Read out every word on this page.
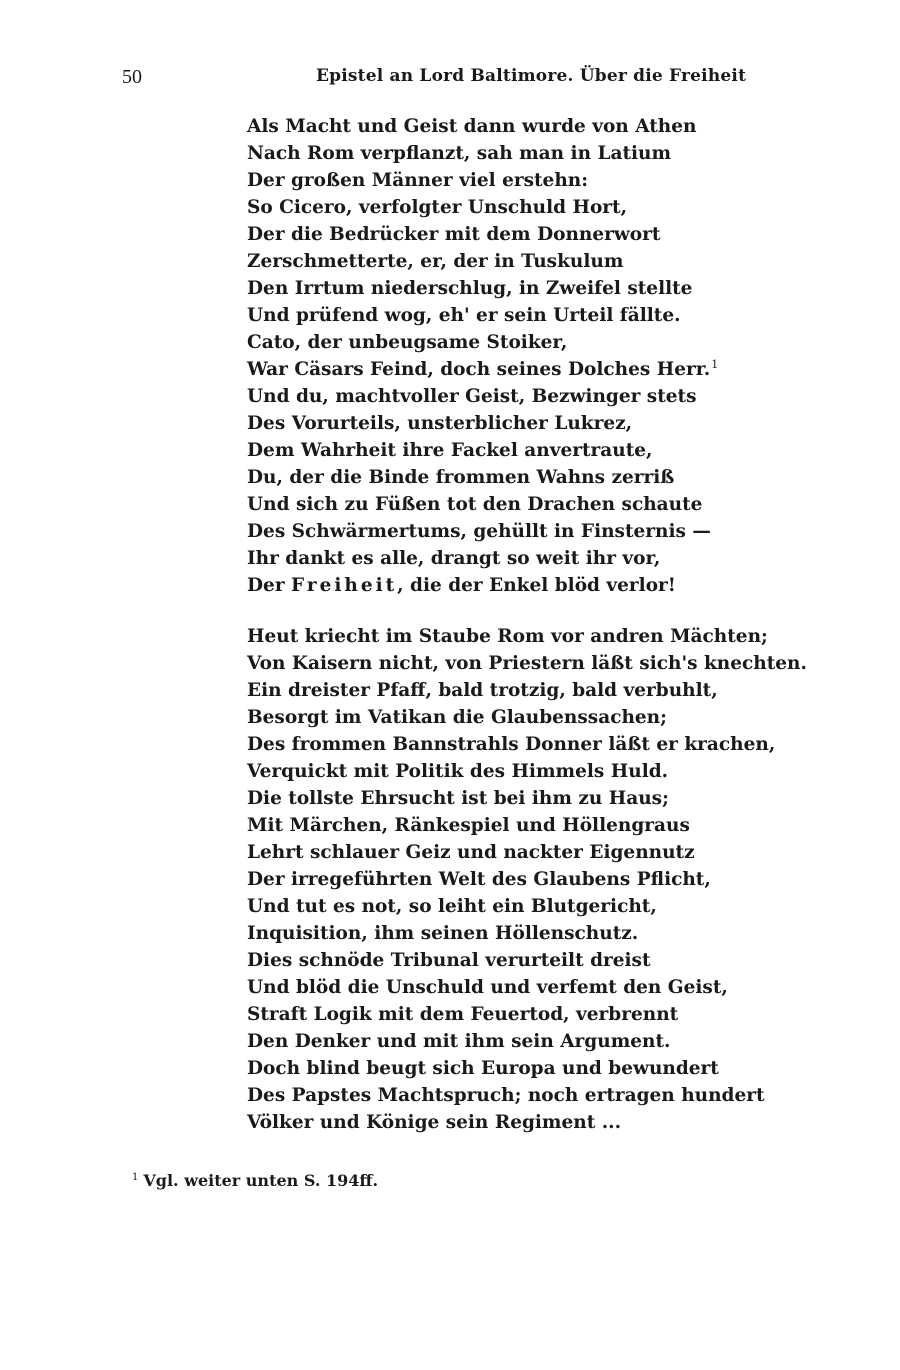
50	Epistel an Lord Baltimore. Über die Freiheit
Als Macht und Geist dann wurde von Athen
Nach Rom verpflanzt, sah man in Latium
Der großen Männer viel erstehn:
So Cicero, verfolgter Unschuld Hort,
Der die Bedrücker mit dem Donnerwort
Zerschmetterte, er, der in Tuskulum
Den Irrtum niederschlug, in Zweifel stellte
Und prüfend wog, eh' er sein Urteil fällte.
Cato, der unbeugsame Stoiker,
War Cäsars Feind, doch seines Dolches Herr.$^1$
Und du, machtvoller Geist, Bezwinger stets
Des Vorurteils, unsterblicher Lukrez,
Dem Wahrheit ihre Fackel anvertraute,
Du, der die Binde frommen Wahns zerriß
Und sich zu Füßen tot den Drachen schaute
Des Schwärmertums, gehüllt in Finsternis —
Ihr dankt es alle, drangt so weit ihr vor,
Der Freiheit, die der Enkel blöd verlor!
Heut kriecht im Staube Rom vor andren Mächten;
Von Kaisern nicht, von Priestern läßt sich's knechten.
Ein dreister Pfaff, bald trotzig, bald verbuhlt,
Besorgt im Vatikan die Glaubenssachen;
Des frommen Bannstrahls Donner läßt er krachen,
Verquickt mit Politik des Himmels Huld.
Die tollste Ehrsucht ist bei ihm zu Haus;
Mit Märchen, Ränkespiel und Höllengraus
Lehrt schlauer Geiz und nackter Eigennutz
Der irregeführten Welt des Glaubens Pflicht,
Und tut es not, so leiht ein Blutgericht,
Inquisition, ihm seinen Höllenschutz.
Dies schnöde Tribunal verurteilt dreist
Und blöd die Unschuld und verfemt den Geist,
Straft Logik mit dem Feuertod, verbrennt
Den Denker und mit ihm sein Argument.
Doch blind beugt sich Europa und bewundert
Des Papstes Machtspruch; noch ertragen hundert
Völker und Könige sein Regiment ...
$^1$ Vgl. weiter unten S. 194ff.
